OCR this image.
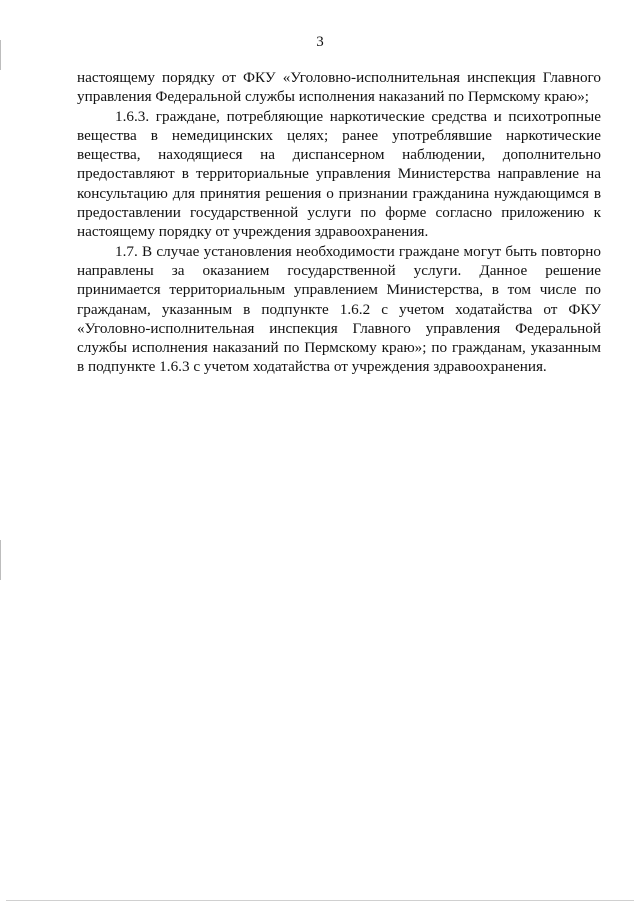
3

настоящему порядку от ФКУ «Уголовно-исполнительная инспекция Главного управления Федеральной службы исполнения наказаний по Пермскому краю»;

1.6.3. граждане, потребляющие наркотические средства и психотропные вещества в немедицинских целях; ранее употреблявшие наркотические вещества, находящиеся на диспансерном наблюдении, дополнительно предоставляют в территориальные управления Министерства направление на консультацию для принятия решения о признании гражданина нуждающимся в предоставлении государственной услуги по форме согласно приложению к настоящему порядку от учреждения здравоохранения.

1.7. В случае установления необходимости граждане могут быть повторно направлены за оказанием государственной услуги. Данное решение принимается территориальным управлением Министерства, в том числе по гражданам, указанным в подпункте 1.6.2 с учетом ходатайства от ФКУ «Уголовно-исполнительная инспекция Главного управления Федеральной службы исполнения наказаний по Пермскому краю»; по гражданам, указанным в подпункте 1.6.3 с учетом ходатайства от учреждения здравоохранения.
